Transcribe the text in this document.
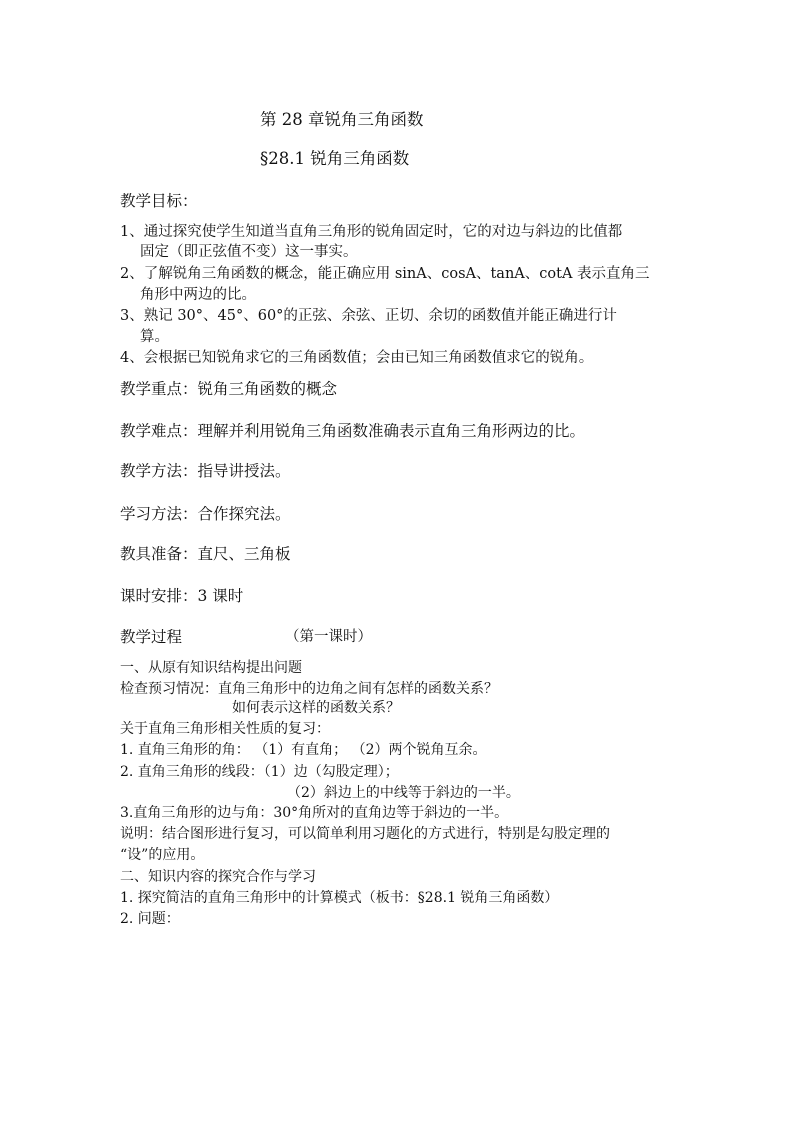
第 28 章锐角三角函数
§28.1 锐角三角函数
教学目标：
1、通过探究使学生知道当直角三角形的锐角固定时，它的对边与斜边的比值都
固定（即正弦值不变）这一事实。
2、了解锐角三角函数的概念，能正确应用 sinA、cosA、tanA、cotA 表示直角三
角形中两边的比。
3、熟记 30°、45°、60°的正弦、余弦、正切、余切的函数值并能正确进行计
算。
4、会根据已知锐角求它的三角函数值；会由已知三角函数值求它的锐角。
教学重点：锐角三角函数的概念
教学难点：理解并利用锐角三角函数准确表示直角三角形两边的比。
教学方法：指导讲授法。
学习方法：合作探究法。
教具准备：直尺、三角板
课时安排：3 课时
教学过程	（第一课时）
一、从原有知识结构提出问题
检查预习情况：直角三角形中的边角之间有怎样的函数关系？
如何表示这样的函数关系？
关于直角三角形相关性质的复习：
1. 直角三角形的角： （1）有直角； （2）两个锐角互余。
2. 直角三角形的线段：（1）边（勾股定理）；
（2）斜边上的中线等于斜边的一半。
3.直角三角形的边与角：30°角所对的直角边等于斜边的一半。
说明：结合图形进行复习，可以简单利用习题化的方式进行，特别是勾股定理的
“设”的应用。
二、知识内容的探究合作与学习
1. 探究简洁的直角三角形中的计算模式（板书：§28.1 锐角三角函数）
2. 问题：
